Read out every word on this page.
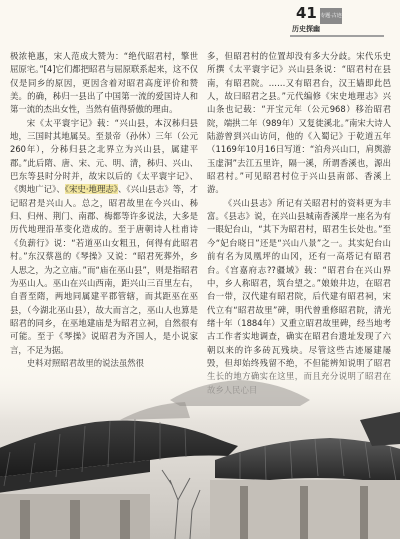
41 专题·古迹
历史探幽

极浓艳惠，宋人范成大赞为：“绝代昭君村，擎世屈原宅。”[4]它们都把昭君与屈原联系起来，这不仅仅是同乡的原因，更因含着对昭君高度评价和赞美。的确，秭归一县出了中国第一流的爱国诗人和第一流的杰出女性，当然有值得骄傲的理由。

宋《太平寰宇记》载：“兴山县，本汉秭归县地，三国时其地属吴。至景帝（孙休）三年（公元260年），分秭归县之北界立为兴山县，属建平郡。”此后隋、唐、宋、元、明、清，秭归、兴山、巴东等县时分时并，故宋以后的《太平寰宇记》、《舆地广记》、《宋史·地理志》、《兴山县志》等，才记昭君是兴山人。总之，昭君故里在今兴山、秭归、归州、荆门、南郡、梅都等许多说法，大多是历代地理沿革变化造成的。至于唐朝诗人杜甫诗《负薪行》说：“若道巫山女粗丑，何得有此昭君村。”东汉蔡邕的《琴操》又说：“昭君死葬外，乡人思之，为之立庙。”而“庙在巫山县”，则是指昭君为巫山人。巫山在兴山西南，距兴山三百里左右，自晋至隋，两地同属建平郡管辖，而其距巫在巫县，（今湖北巫山县），故大而言之，巫山人也算是昭君的同乡，在巫地建庙是为昭君立祠，自然很有可能。至于《琴操》说昭君为齐国人，是小说家言，不足为据。

多，但昭君村的位置却没有多大分歧。宋代乐史所撰《太平寰宇记》兴山县条说：“昭君村在县南，有昭君院。……又有昭君台，汉王嫱即此邑人，故曰昭君之县。”元代编修《宋史地理志》兴山条也记载：“开宝元年（公元968）移治昭君院，端拱二年（989年）又复徙溪北。”南宋大诗人陆游曾到兴山访问，他的《入蜀记》于乾道五年（1169年10月16日写道：“泊舟兴山口，肩舆游玉虚洞”去江五里许，隔一溪，所谓香溪也，源出昭君村。”可见昭君村位于兴山县南部、香溪上游。

《兴山县志》所记有关昭君村的资料更为丰富。《县志》说，在兴山县城南香溪岸一座名为有一眼妃台山，“其下为昭君村，昭君生长处也。”至今“妃台晓日”还是“兴山八景”之一。其实妃台山前有名为凤凰坪的山冈，还有一高塔记有昭君台。《宫嘉府志??疆域》载：“昭君台在兴山界中，乡人称昭君，筑台望之。”娘娘井边，在昭君台一带，汉代建有昭君院，后代建有昭君祠，宋代立有“昭君故里”碑，明代曾重修昭君院，清光绪十年（1884年）又重立昭君故里碑，经当地考古工作者实地调查，确实在昭君台遗址发现了六朝以来的许多砖瓦残块。尽管这些古迹屡建屡
